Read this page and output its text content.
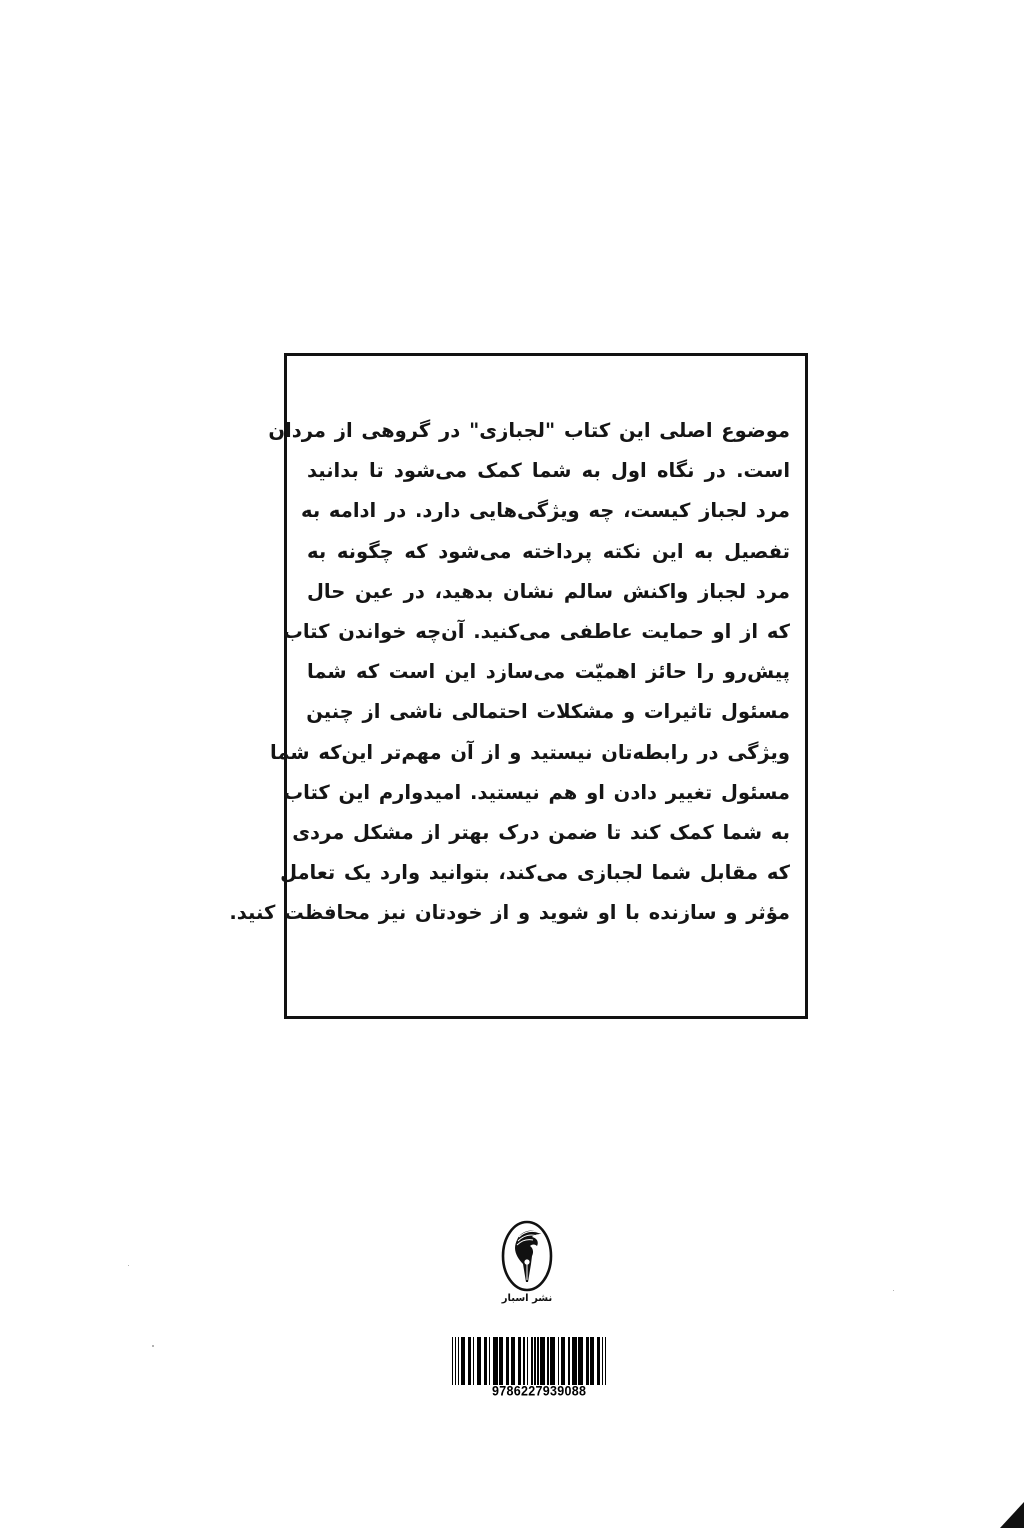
موضوع اصلی این کتاب "لجبازی" در گروهی از مردان
است. در نگاه اول به شما کمک می‌شود تا بدانید
مرد لجباز کیست، چه ویژگی‌هایی دارد. در ادامه به
تفصیل به این نکته پرداخته می‌شود که چگونه به
مرد لجباز واکنش سالم نشان بدهید، در عین حال
که از او حمایت عاطفی می‌کنید. آن‌چه خواندن کتاب
پیش‌رو را حائز اهمیّت می‌سازد این است که شما
مسئول تاثیرات و مشکلات احتمالی ناشی از چنین
ویژگی در رابطه‌تان نیستید و از آن مهم‌تر این‌که شما
مسئول تغییر دادن او هم نیستید. امیدوارم این کتاب
به شما کمک کند تا ضمن درک بهتر از مشکل مردی
که مقابل شما لجبازی می‌کند، بتوانید وارد یک تعامل
مؤثر و سازنده با او شوید و از خودتان نیز محافظت کنید.
نشر اسبار
9786227939088
